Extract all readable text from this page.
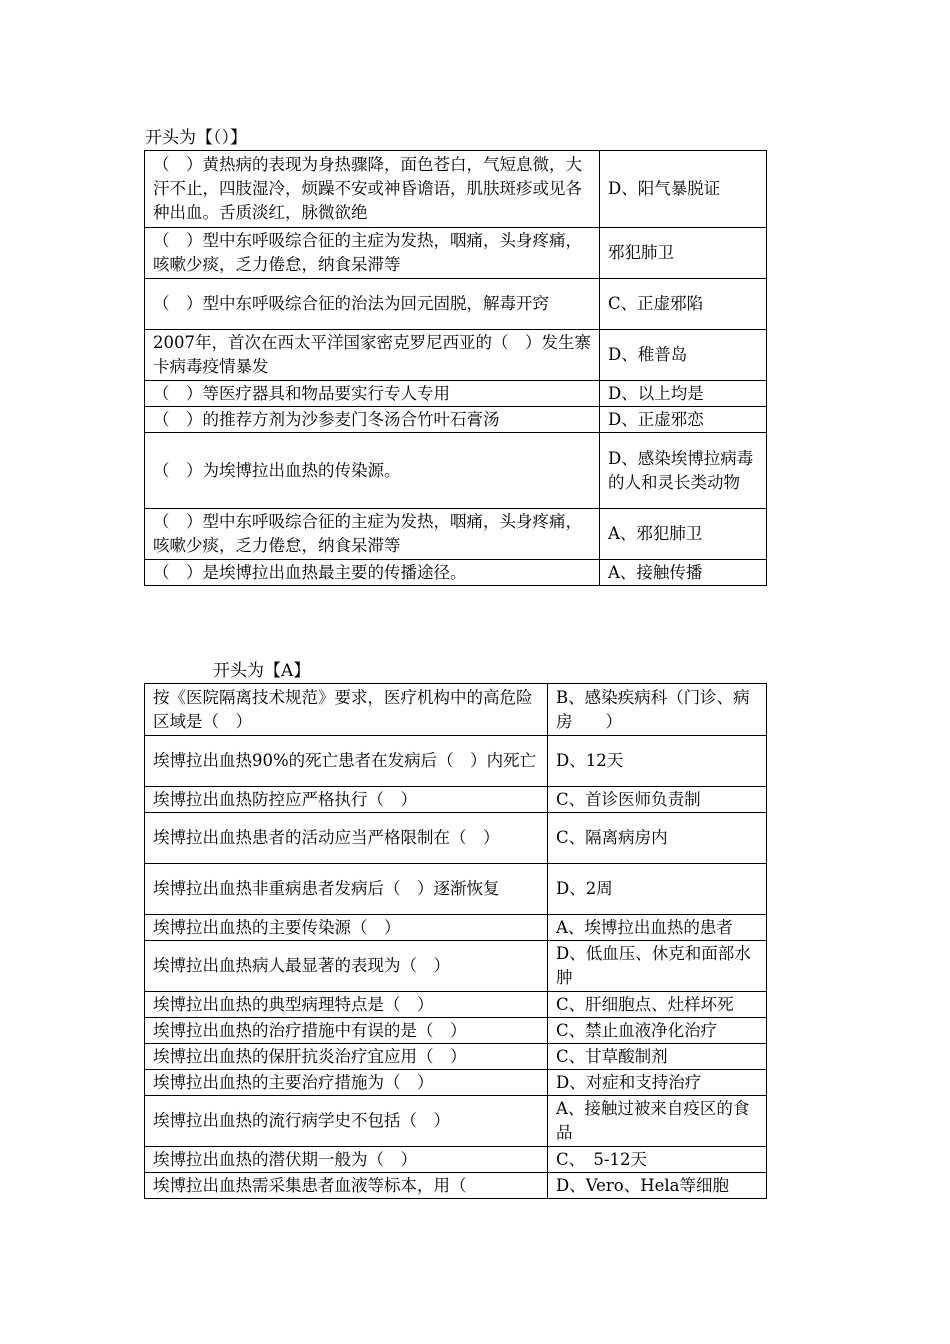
开头为【（）】
（　）黄热病的表现为身热骤降，面色苍白，气短息微，大汗不止，四肢湿冷，烦躁不安或神昏谵语，肌肤斑疹或见各种出血。舌质淡红，脉微欲绝	D、阳气暴脱证
（　）型中东呼吸综合征的主症为发热，咽痛，头身疼痛，咳嗽少痰，乏力倦怠，纳食呆滞等	邪犯肺卫
（　）型中东呼吸综合征的治法为回元固脱，解毒开窍	C、正虚邪陷
2007年，首次在西太平洋国家密克罗尼西亚的（　）发生寨卡病毒疫情暴发	D、稚普岛
（　）等医疗器具和物品要实行专人专用	D、以上均是
（　）的推荐方剂为沙参麦门冬汤合竹叶石膏汤	D、正虚邪恋
（　）为埃博拉出血热的传染源。	D、感染埃博拉病毒的人和灵长类动物
（　）型中东呼吸综合征的主症为发热，咽痛，头身疼痛，咳嗽少痰，乏力倦怠，纳食呆滞等	A、邪犯肺卫
（　）是埃博拉出血热最主要的传播途径。	A、接触传播
开头为【A】
按《医院隔离技术规范》要求，医疗机构中的高危险区域是（　）	B、感染疾病科（门诊、病房　　）
埃博拉出血热90%的死亡患者在发病后（　）内死亡	D、12天
埃博拉出血热防控应严格执行（　）	C、首诊医师负责制
埃博拉出血热患者的活动应当严格限制在（　）	C、隔离病房内
埃博拉出血热非重病患者发病后（　）逐渐恢复	D、2周
埃博拉出血热的主要传染源（　）	A、埃博拉出血热的患者
埃博拉出血热病人最显著的表现为（　）	D、低血压、休克和面部水肿
埃博拉出血热的典型病理特点是（　）	C、肝细胞点、灶样坏死
埃博拉出血热的治疗措施中有误的是（　）	C、禁止血液净化治疗
埃博拉出血热的保肝抗炎治疗宜应用（　）	C、甘草酸制剂
埃博拉出血热的主要治疗措施为（　）	D、对症和支持治疗
埃博拉出血热的流行病学史不包括（　）	A、接触过被来自疫区的食品
埃博拉出血热的潜伏期一般为（　）	C、　5-12天
埃博拉出血热需采集患者血液等标本，用（	D、Vero、Hela等细胞
